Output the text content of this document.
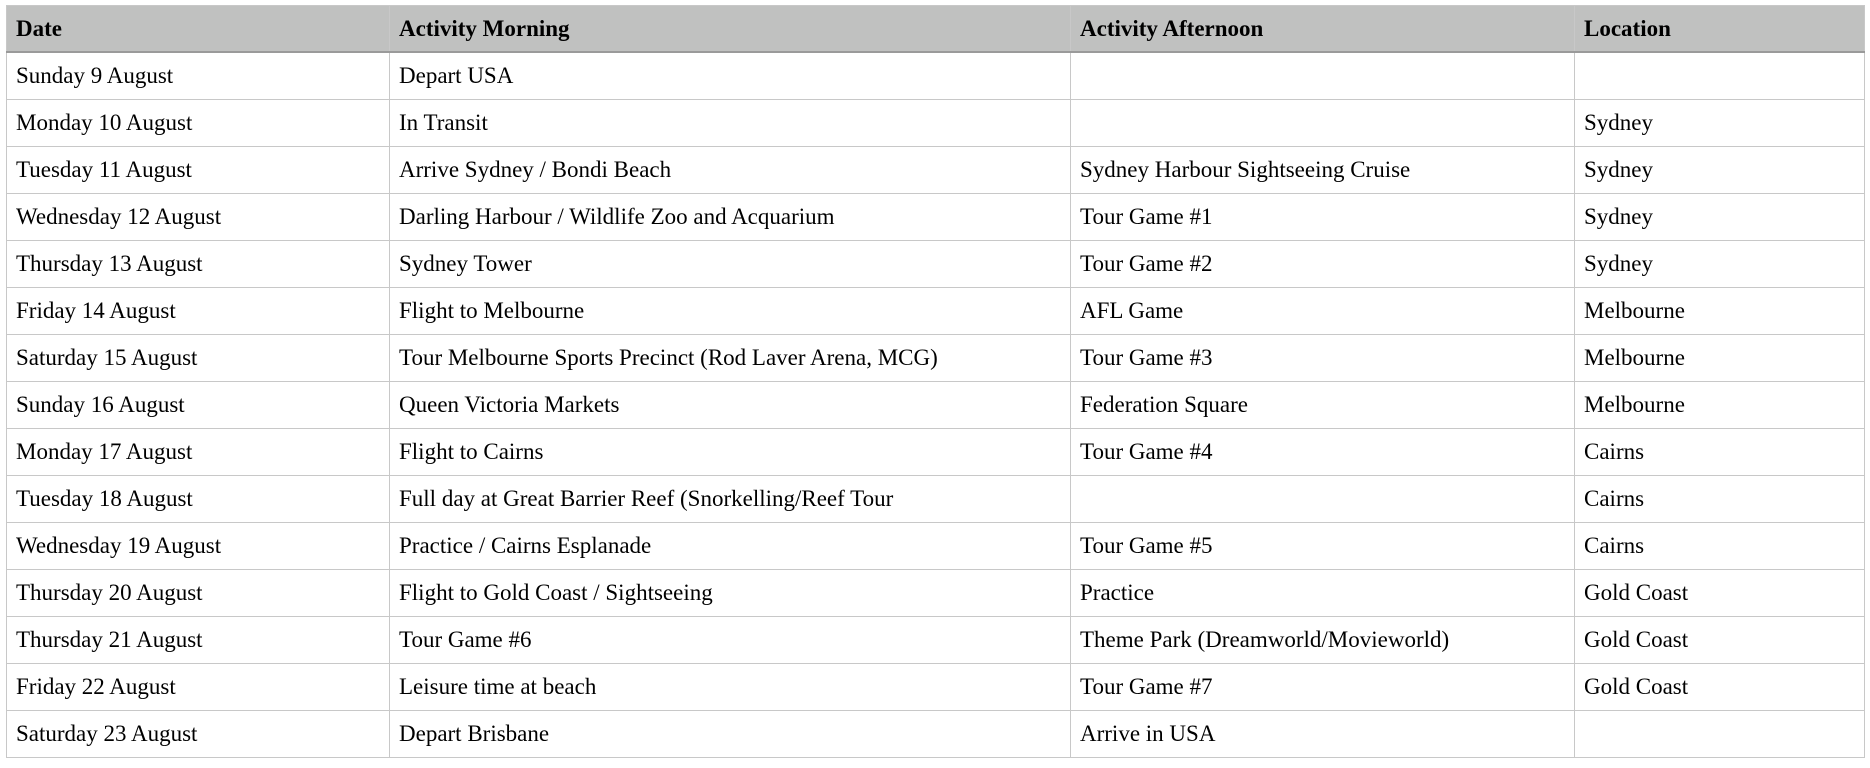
Date	Activity Morning	Activity Afternoon	Location
Sunday 9 August	Depart USA		
Monday 10 August	In Transit		Sydney
Tuesday 11 August	Arrive Sydney / Bondi Beach	Sydney Harbour Sightseeing Cruise	Sydney
Wednesday 12 August	Darling Harbour / Wildlife Zoo and Acquarium	Tour Game #1	Sydney
Thursday 13 August	Sydney Tower	Tour Game #2	Sydney
Friday 14 August	Flight to Melbourne	AFL Game	Melbourne
Saturday 15 August	Tour Melbourne Sports Precinct (Rod Laver Arena, MCG)	Tour Game #3	Melbourne
Sunday 16 August	Queen Victoria Markets	Federation Square	Melbourne
Monday 17 August	Flight to Cairns	Tour Game #4	Cairns
Tuesday 18 August	Full day at Great Barrier Reef (Snorkelling/Reef Tour		Cairns
Wednesday 19 August	Practice / Cairns Esplanade	Tour Game #5	Cairns
Thursday 20 August	Flight to Gold Coast / Sightseeing	Practice	Gold Coast
Thursday 21 August	Tour Game #6	Theme Park (Dreamworld/Movieworld)	Gold Coast
Friday 22 August	Leisure time at beach	Tour Game #7	Gold Coast
Saturday 23 August	Depart Brisbane	Arrive in USA	
